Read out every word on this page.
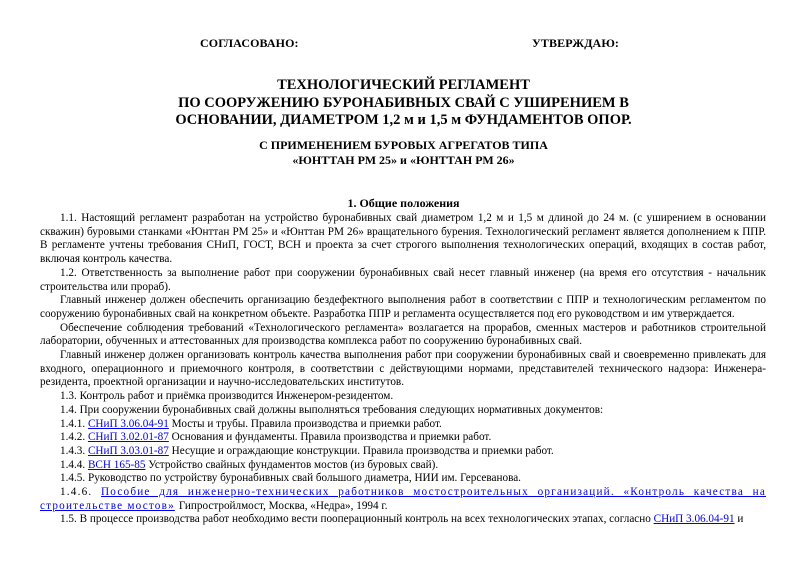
СОГЛАСОВАНО:	УТВЕРЖДАЮ:
ТЕХНОЛОГИЧЕСКИЙ РЕГЛАМЕНТ
ПО СООРУЖЕНИЮ БУРОНАБИВНЫХ СВАЙ С УШИРЕНИЕМ В
ОСНОВАНИИ, ДИАМЕТРОМ 1,2 м и 1,5 м ФУНДАМЕНТОВ ОПОР.
С ПРИМЕНЕНИЕМ БУРОВЫХ АГРЕГАТОВ ТИПА
«ЮНТТАН РМ 25» и «ЮНТТАН РМ 26»
1. Общие положения

1.1. Настоящий регламент разработан на устройство буронабивных свай диаметром 1,2 м и 1,5 м длиной до 24 м. (с уширением в основании скважин) буровыми станками «Юнттан РМ 25» и «Юнттан РМ 26» вращательного бурения. Технологический регламент является дополнением к ППР. В регламенте учтены требования СНиП, ГОСТ, ВСН и проекта за счет строгого выполнения технологических операций, входящих в состав работ, включая контроль качества.

1.2. Ответственность за выполнение работ при сооружении буронабивных свай несет главный инженер (на время его отсутствия - начальник строительства или прораб).

Главный инженер должен обеспечить организацию бездефектного выполнения работ в соответствии с ППР и технологическим регламентом по сооружению буронабивных свай на конкретном объекте. Разработка ППР и регламента осуществляется под его руководством и им утверждается.

Обеспечение соблюдения требований «Технологического регламента» возлагается на прорабов, сменных мастеров и работников строительной лаборатории, обученных и аттестованных для производства комплекса работ по сооружению буронабивных свай.

Главный инженер должен организовать контроль качества выполнения работ при сооружении буронабивных свай и своевременно привлекать для входного, операционного и приемочного контроля, в соответствии с действующими нормами, представителей технического надзора: Инженера-резидента, проектной организации и научно-исследовательских институтов.

1.3. Контроль работ и приёмка производится Инженером-резидентом.

1.4. При сооружении буронабивных свай должны выполняться требования следующих нормативных документов:

1.4.1. СНиП 3.06.04-91 Мосты и трубы. Правила производства и приемки работ.

1.4.2. СНиП 3.02.01-87 Основания и фундаменты. Правила производства и приемки работ.

1.4.3. СНиП 3.03.01-87 Несущие и ограждающие конструкции. Правила производства и приемки работ.

1.4.4. ВСН 165-85 Устройство свайных фундаментов мостов (из буровых свай).

1.4.5. Руководство по устройству буронабивных свай большого диаметра, НИИ им. Герсеванова.

1.4.6. Пособие для инженерно-технических работников мостостроительных организаций. «Контроль качества на строительстве мостов» Гипростройлмост, Москва, «Недра», 1994 г.

1.5. В процессе производства работ необходимо вести пооперационный контроль на всех технологических этапах, согласно СНиП 3.06.04-91 и
